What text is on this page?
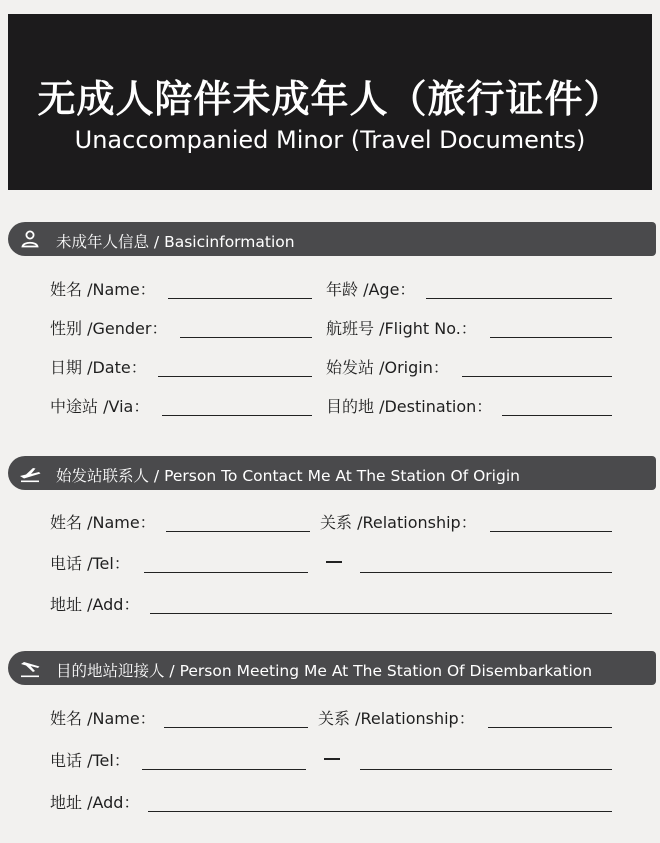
无成人陪伴未成年人（旅行证件）
Unaccompanied Minor (Travel Documents)
未成年人信息 / Basicinformation
姓名 /Name：	年龄 /Age：
性别 /Gender：	航班号 /Flight No.：
日期 /Date：	始发站 /Origin：
中途站 /Via：	目的地 /Destination：
始发站联系人 / Person To Contact Me At The Station Of Origin
姓名 /Name：	关系 /Relationship：
电话 /Tel：
地址 /Add：
目的地站迎接人 / Person Meeting Me At The Station Of Disembarkation
姓名 /Name：	关系 /Relationship：
电话 /Tel：
地址 /Add：
